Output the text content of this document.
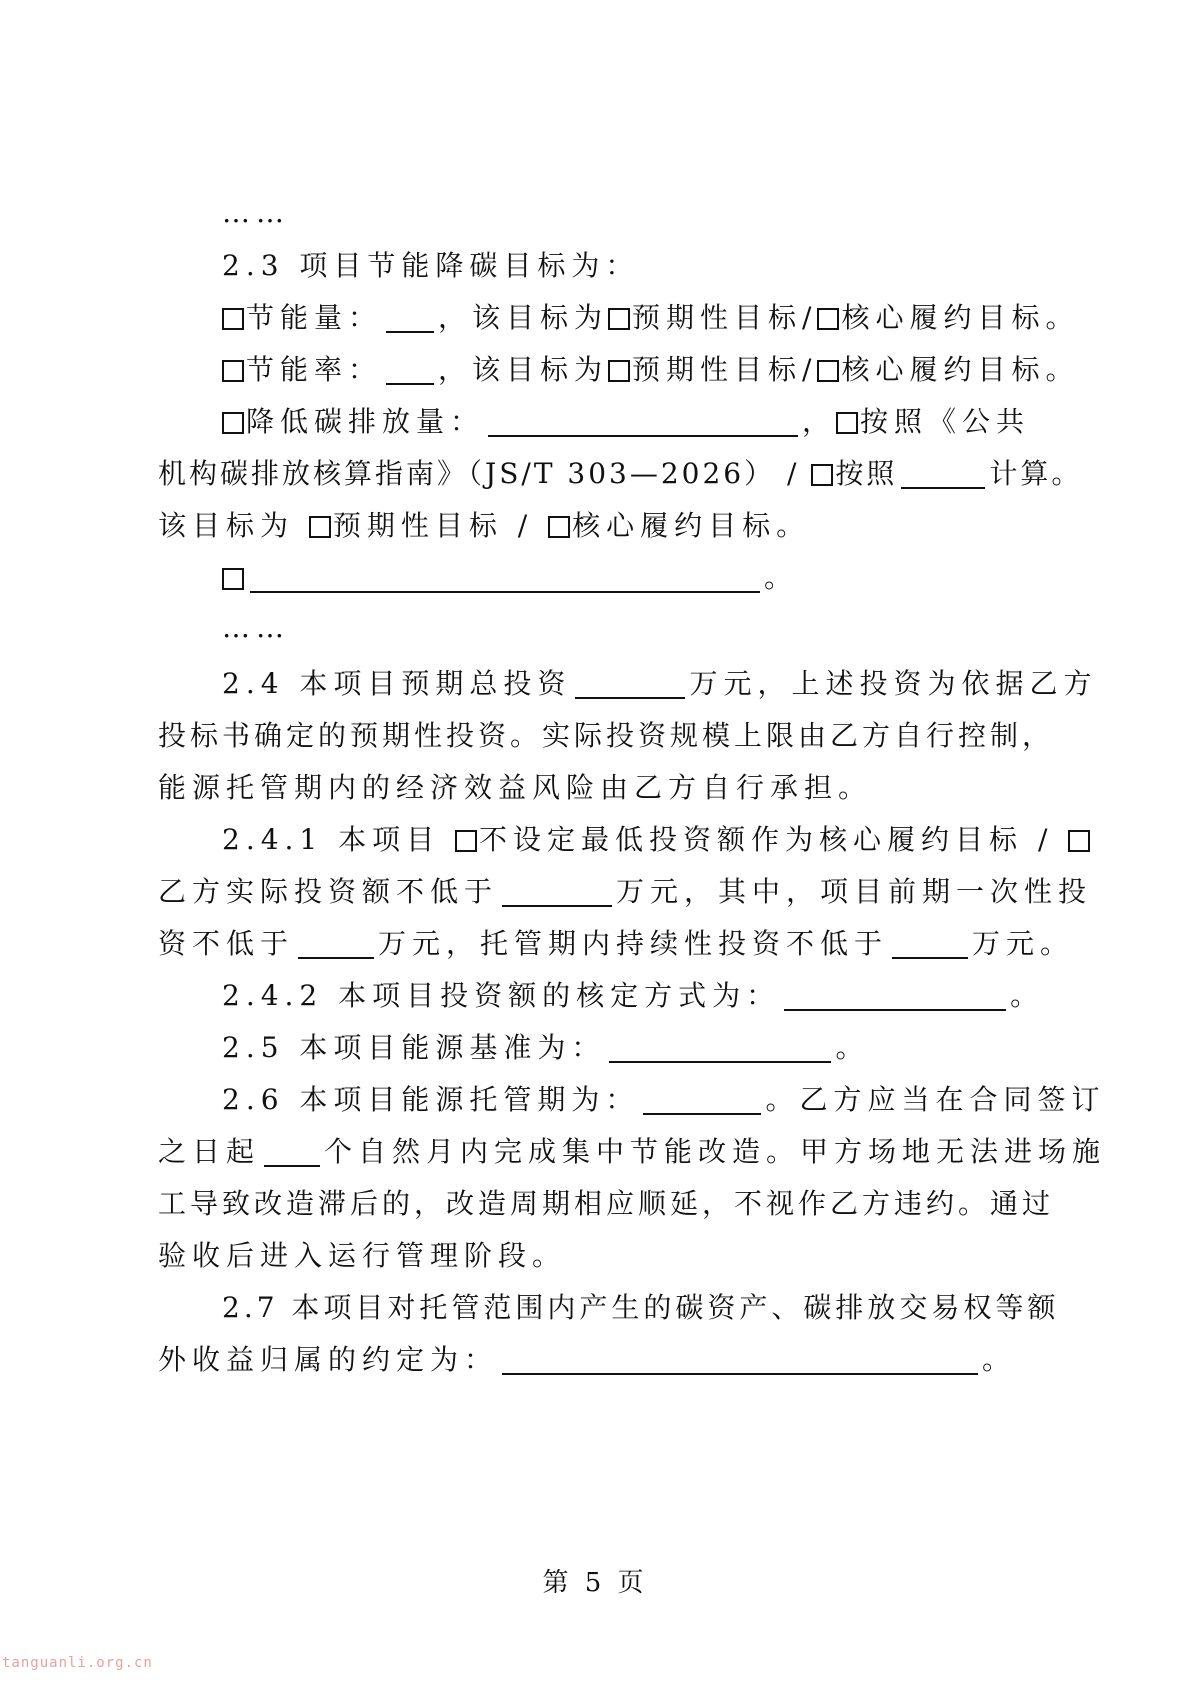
……
2.3 项目节能降碳目标为：
节能量： ，该目标为 预期性目标/ 核心履约目标。
节能率： ，该目标为 预期性目标/ 核心履约目标。
降低碳排放量：	， 按照《公共
机构碳排放核算指南》（JS/T 303—2026） / 按照	计算。
该目标为 预期性目标 / 核心履约目标。
。
……
2.4 本项目预期总投资	万元，上述投资为依据乙方
投标书确定的预期性投资。实际投资规模上限由乙方自行控制，
能源托管期内的经济效益风险由乙方自行承担。
2.4.1 本项目 不设定最低投资额作为核心履约目标 /
乙方实际投资额不低于	万元，其中，项目前期一次性投
资不低于	万元，托管期内持续性投资不低于	万元。
2.4.2 本项目投资额的核定方式为：	。
2.5 本项目能源基准为：	。
2.6 本项目能源托管期为：	。乙方应当在合同签订
之日起 个自然月内完成集中节能改造。甲方场地无法进场施
工导致改造滞后的，改造周期相应顺延，不视作乙方违约。通过
验收后进入运行管理阶段。
2.7 本项目对托管范围内产生的碳资产、碳排放交易权等额
外收益归属的约定为：	。
第 5 页
tanguanli.org.cn
